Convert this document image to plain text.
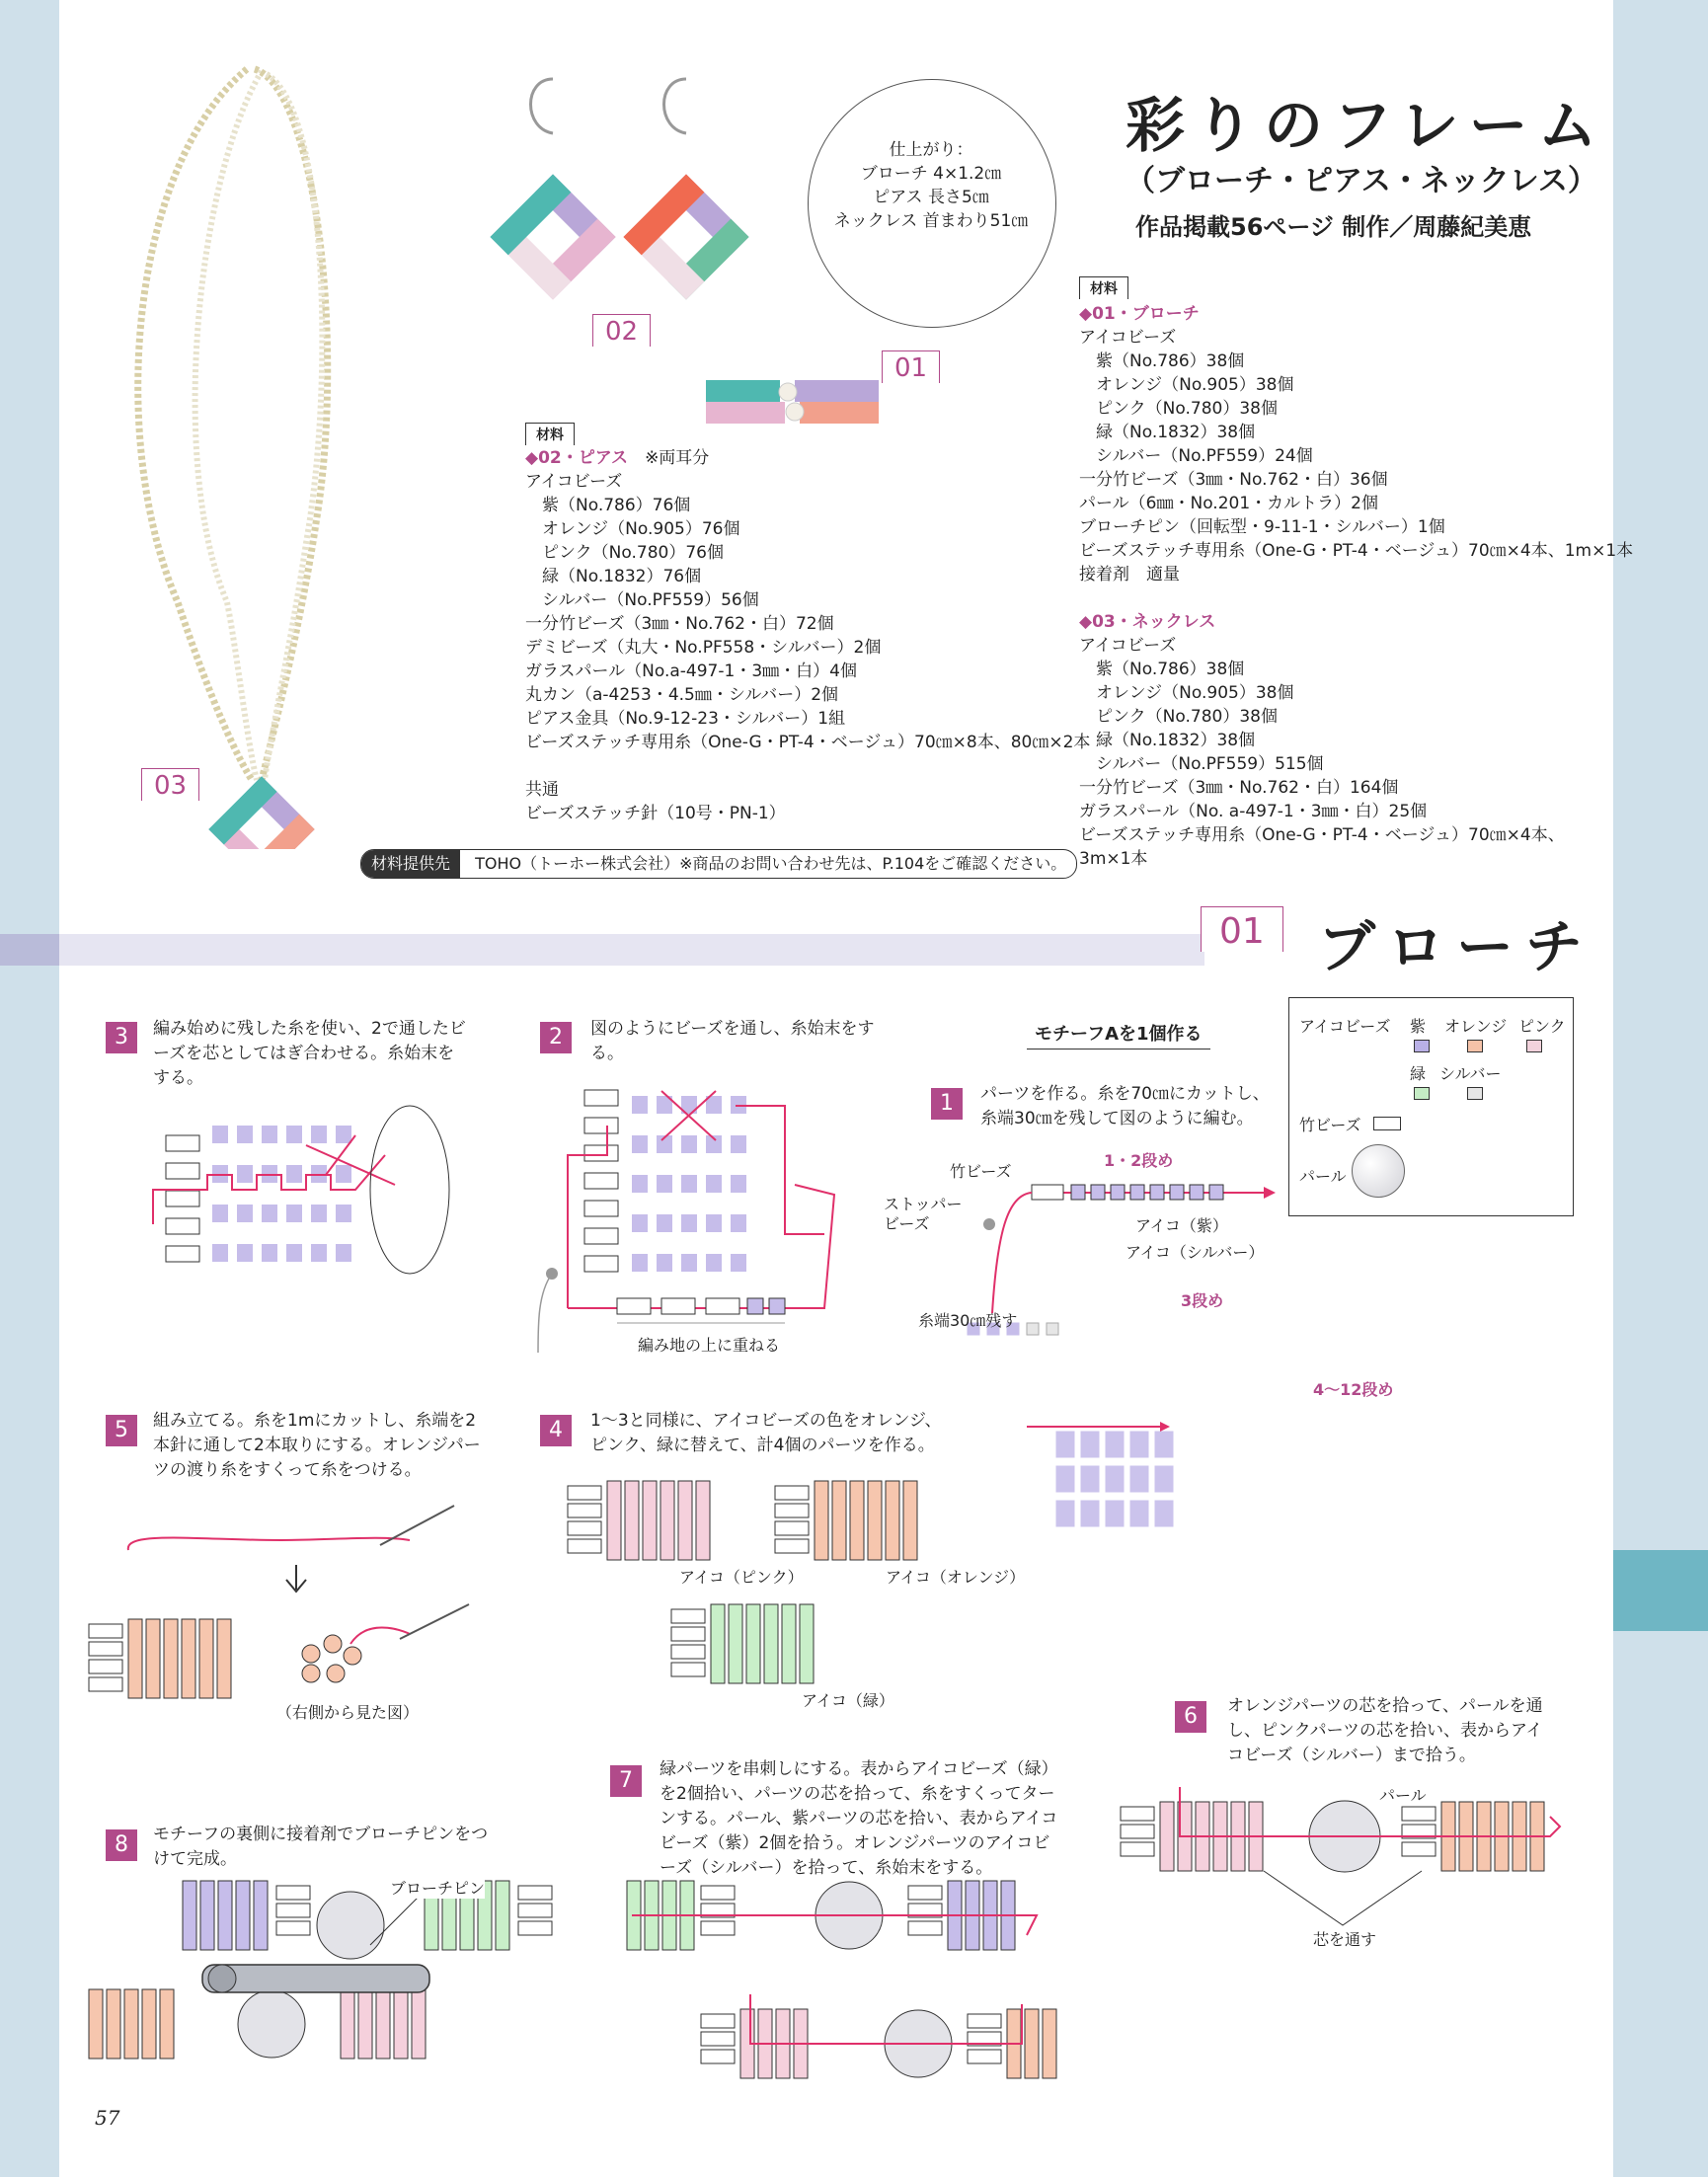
仕上がり：
ブローチ 4×1.2㎝
ピアス 長さ5㎝
ネックレス 首まわり51㎝
彩りのフレーム
（ブローチ・ピアス・ネックレス）
作品掲載56ページ 制作／周藤紀美恵
02
01
03
材料
◆02・ピアス　 ※両耳分
アイコビーズ
　紫（No.786）76個
　オレンジ（No.905）76個
　ピンク（No.780）76個
　緑（No.1832）76個
　シルバー（No.PF559）56個
一分竹ビーズ（3㎜・No.762・白）72個
デミビーズ（丸大・No.PF558・シルバー）2個
ガラスパール（No.a-497-1・3㎜・白）4個
丸カン（a-4253・4.5㎜・シルバー）2個
ピアス金具（No.9-12-23・シルバー）1組
ビーズステッチ専用糸（One-G・PT-4・ベージュ）70㎝×8本、80㎝×2本
共通
ビーズステッチ針（10号・PN-1）
材料提供先 TOHO（トーホー株式会社）※商品のお問い合わせ先は、P.104をご確認ください。
材料
◆01・ブローチ
アイコビーズ
　紫（No.786）38個
　オレンジ（No.905）38個
　ピンク（No.780）38個
　緑（No.1832）38個
　シルバー（No.PF559）24個
一分竹ビーズ（3㎜・No.762・白）36個
パール（6㎜・No.201・カルトラ）2個
ブローチピン（回転型・9-11-1・シルバー）1個
ビーズステッチ専用糸（One-G・PT-4・ベージュ）70㎝×4本、1m×1本
接着剤　適量
◆03・ネックレス
アイコビーズ
　紫（No.786）38個
　オレンジ（No.905）38個
　ピンク（No.780）38個
　緑（No.1832）38個
　シルバー（No.PF559）515個
一分竹ビーズ（3㎜・No.762・白）164個
ガラスパール（No. a-497-1・3㎜・白）25個
ビーズステッチ専用糸（One-G・PT-4・ベージュ）70㎝×4本、
3m×1本
01 ブローチ
アイコビーズ 紫 オレンジ ピンク
緑 シルバー
竹ビーズ
パール
モチーフAを1個作る
1	パーツを作る。糸を70㎝にカットし、糸端30㎝を残して図のように編む。
2	図のようにビーズを通し、糸始末をする。
3	編み始めに残した糸を使い、2で通したビーズを芯としてはぎ合わせる。糸始末をする。
4	1～3と同様に、アイコビーズの色をオレンジ、ピンク、緑に替えて、計4個のパーツを作る。
5	組み立てる。糸を1mにカットし、糸端を2本針に通して2本取りにする。オレンジパーツの渡り糸をすくって糸をつける。
6	オレンジパーツの芯を拾って、パールを通し、ピンクパーツの芯を拾い、表からアイコビーズ（シルバー）まで拾う。
7	緑パーツを串刺しにする。表からアイコビーズ（緑）を2個拾い、パーツの芯を拾って、糸をすくってターンする。パール、紫パーツの芯を拾い、表からアイコビーズ（紫）2個を拾う。オレンジパーツのアイコビーズ（シルバー）を拾って、糸始末をする。
8	モチーフの裏側に接着剤でブローチピンをつけて完成。
竹ビーズ
ストッパー
ビーズ
1・2段め
アイコ（紫）
アイコ（シルバー）
糸端30㎝残す
3段め
4～12段め
編み地の上に重ねる
アイコ（ピンク）	アイコ（オレンジ）
アイコ（緑）
（右側から見た図）
パール
芯を通す
ブローチピン
57
